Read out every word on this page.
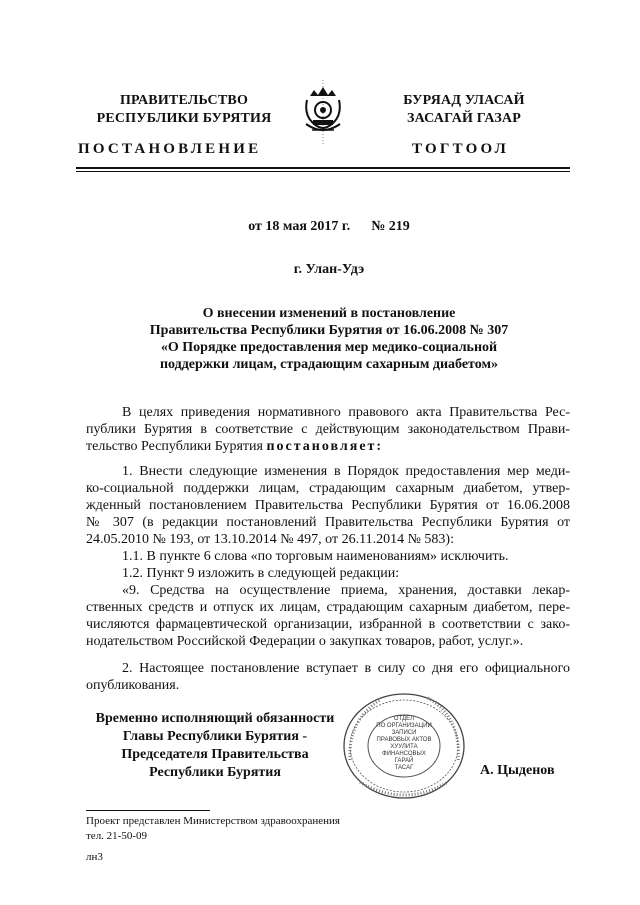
ПРАВИТЕЛЬСТВО
РЕСПУБЛИКИ БУРЯТИЯ
БУРЯАД УЛАСАЙ
ЗАСАГАЙ ГАЗАР
ПОСТАНОВЛЕНИЕ	ТОГТООЛ
от 18 мая 2017 г. № 219
г. Улан-Удэ
О внесении изменений в постановление
Правительства Республики Бурятия от 16.06.2008 № 307
«О Порядке предоставления мер медико-социальной
поддержки лицам, страдающим сахарным диабетом»
В целях приведения нормативного правового акта Правительства Рес-
публики Бурятия в соответствие с действующим законодательством Прави-
тельство Республики Бурятия постановляет:
1. Внести следующие изменения в Порядок предоставления мер меди-
ко-социальной поддержки лицам, страдающим сахарным диабетом, утвер-
жденный постановлением Правительства Республики Бурятия от 16.06.2008
№ 307 (в редакции постановлений Правительства Республики Бурятия от
24.05.2010 № 193, от 13.10.2014 № 497, от 26.11.2014 № 583):
1.1. В пункте 6 слова «по торговым наименованиям» исключить.
1.2. Пункт 9 изложить в следующей редакции:
«9. Средства на осуществление приема, хранения, доставки лекар-
ственных средств и отпуск их лицам, страдающим сахарным диабетом, пере-
числяются фармацевтической организации, избранной в соответствии с зако-
нодательством Российской Федерации о закупках товаров, работ, услуг.».
2. Настоящее постановление вступает в силу со дня его официального
опубликования.
Временно исполняющий обязанности
Главы Республики Бурятия -
Председателя Правительства
Республики Бурятия
ОТДЕЛ
ПО ОРГАНИЗАЦИИ
ЗАПИСИ
ПРАВОВЫХ АКТОВ
ХУУЛИТА
ФИНАНСОВЫХ
ГАРАЙ
ТАСАГ	А. Цыденов
Проект представлен Министерством здравоохранения
тел. 21-50-09
лн3
